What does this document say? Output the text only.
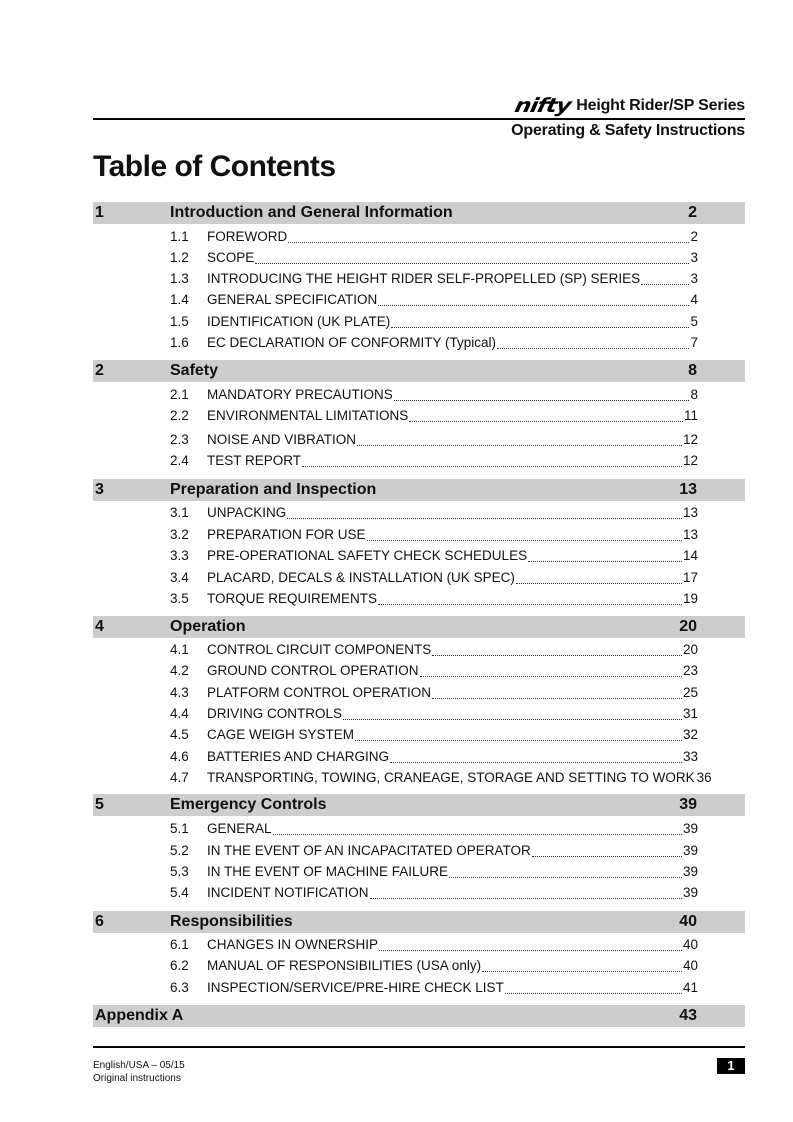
nifty Height Rider/SP Series
Operating & Safety Instructions
Table of Contents
1	Introduction and General Information	2
1.1	FOREWORD	2
1.2	SCOPE	3
1.3	INTRODUCING THE HEIGHT RIDER SELF-PROPELLED (SP) SERIES	3
1.4	GENERAL SPECIFICATION	4
1.5	IDENTIFICATION (UK PLATE)	5
1.6	EC DECLARATION OF CONFORMITY (Typical)	7
2	Safety	8
2.1	MANDATORY PRECAUTIONS	8
2.2	ENVIRONMENTAL LIMITATIONS	11
2.3	NOISE AND VIBRATION	12
2.4	TEST REPORT	12
3	Preparation and Inspection	13
3.1	UNPACKING	13
3.2	PREPARATION FOR USE	13
3.3	PRE-OPERATIONAL SAFETY CHECK SCHEDULES	14
3.4	PLACARD, DECALS & INSTALLATION (UK SPEC)	17
3.5	TORQUE REQUIREMENTS	19
4	Operation	20
4.1	CONTROL CIRCUIT COMPONENTS	20
4.2	GROUND CONTROL OPERATION	23
4.3	PLATFORM CONTROL OPERATION	25
4.4	DRIVING CONTROLS	31
4.5	CAGE WEIGH SYSTEM	32
4.6	BATTERIES AND CHARGING	33
4.7	TRANSPORTING, TOWING, CRANEAGE, STORAGE AND SETTING TO WORK 36
5	Emergency Controls	39
5.1	GENERAL	39
5.2	IN THE EVENT OF AN INCAPACITATED OPERATOR	39
5.3	IN THE EVENT OF MACHINE FAILURE	39
5.4	INCIDENT NOTIFICATION	39
6	Responsibilities	40
6.1	CHANGES IN OWNERSHIP	40
6.2	MANUAL OF RESPONSIBILITIES (USA only)	40
6.3	INSPECTION/SERVICE/PRE-HIRE CHECK LIST	41
Appendix A	43
English/USA – 05/15
Original instructions
1
